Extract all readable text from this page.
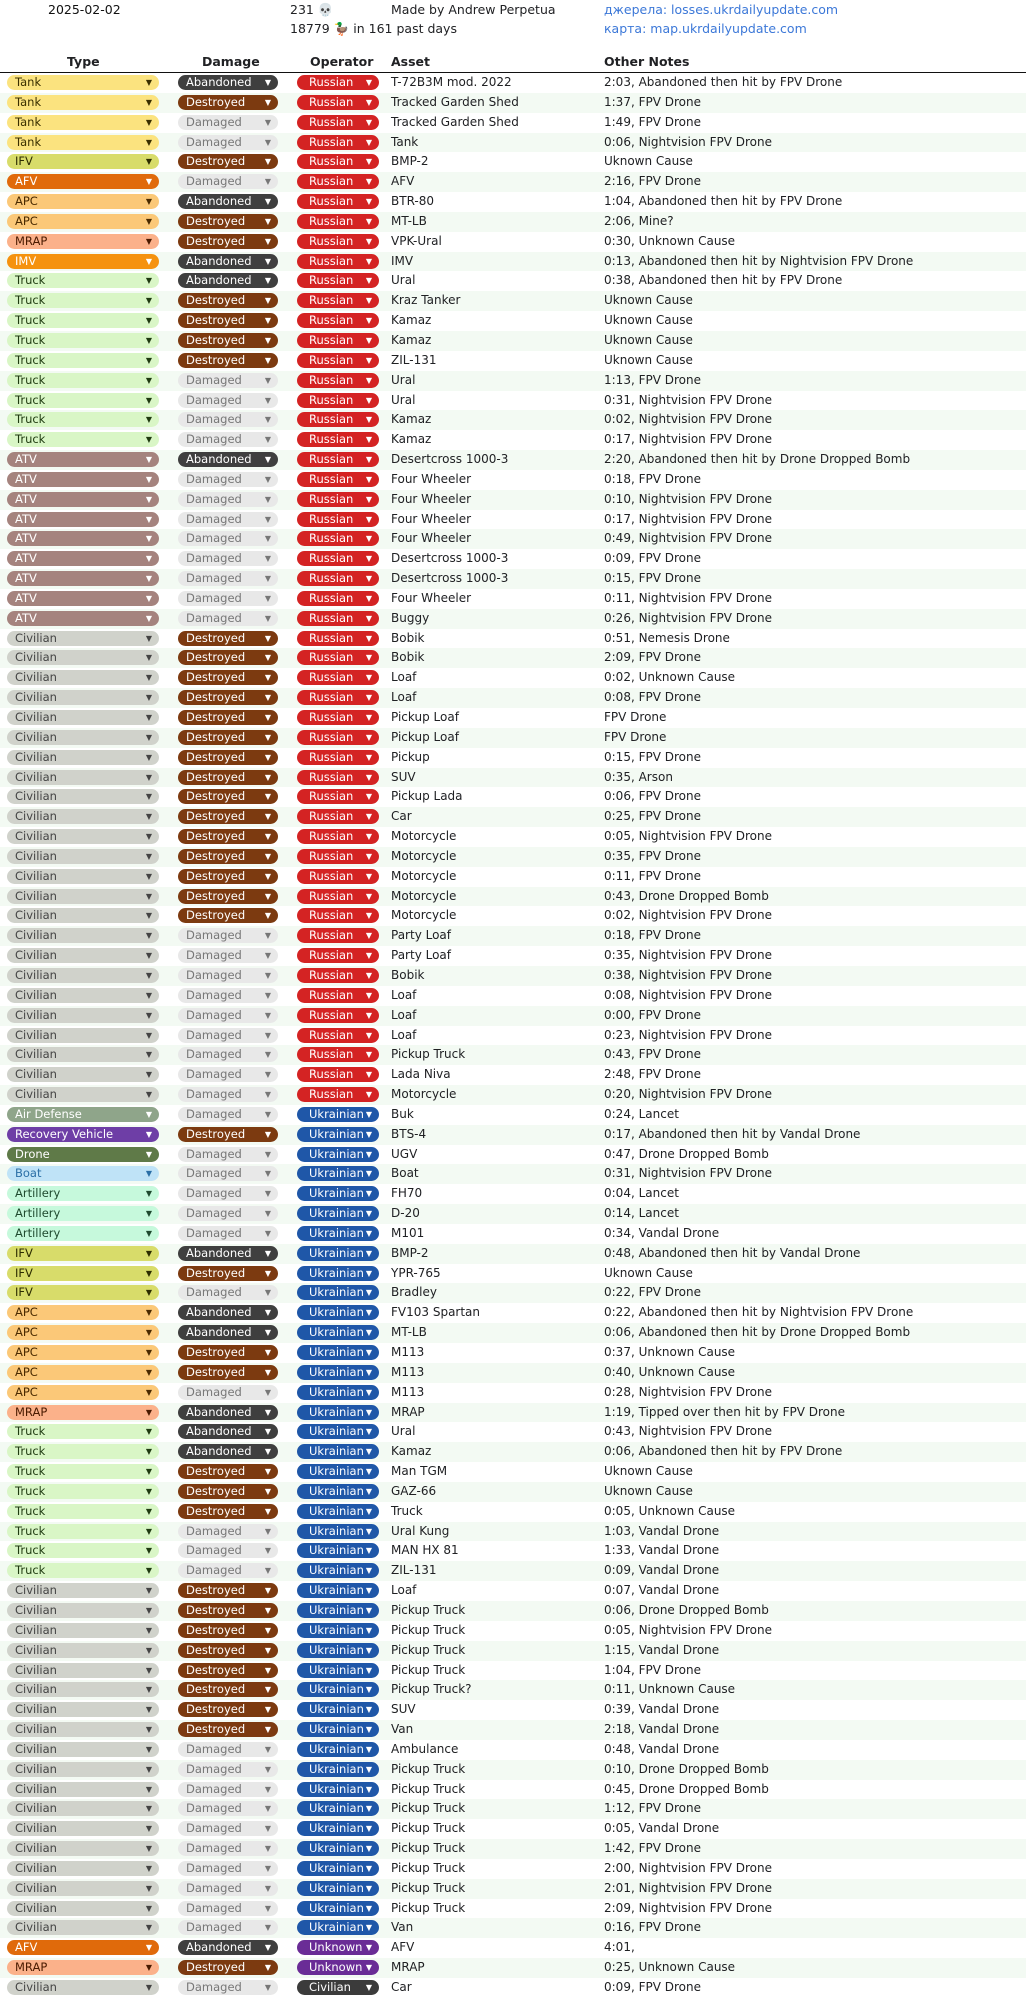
2025-02-02	231 💀
18779 🦆 in 161 past days
Made by Andrew Perpetua	джерела: losses.ukrdailyupdate.com
карта: map.ukrdailyupdate.com
Type	Damage	Operator Asset	Other Notes
Tank	▼	Abandoned ▼	Russian ▼ T-72B3M mod. 2022	2:03, Abandoned then hit by FPV Drone
Tank	▼	Destroyed ▼	Russian ▼ Tracked Garden Shed	1:37, FPV Drone
Tank	▼	Damaged	▼	Russian ▼ Tracked Garden Shed	1:49, FPV Drone
Tank	▼	Damaged	▼	Russian ▼ Tank	0:06, Nightvision FPV Drone
IFV	▼	Destroyed ▼	Russian ▼ BMP-2	Uknown Cause
AFV	▼	Damaged	▼	Russian ▼ AFV	2:16, FPV Drone
APC	▼	Abandoned ▼	Russian ▼ BTR-80	1:04, Abandoned then hit by FPV Drone
APC	▼	Destroyed ▼	Russian ▼ MT-LB	2:06, Mine?
MRAP	▼	Destroyed ▼	Russian ▼ VPK-Ural	0:30, Unknown Cause
IMV	▼	Abandoned ▼	Russian ▼ IMV	0:13, Abandoned then hit by Nightvision FPV Drone
Truck	▼	Abandoned ▼	Russian ▼ Ural	0:38, Abandoned then hit by FPV Drone
Truck	▼	Destroyed ▼	Russian ▼ Kraz Tanker	Uknown Cause
Truck	▼	Destroyed ▼	Russian ▼ Kamaz	Uknown Cause
Truck	▼	Destroyed ▼	Russian ▼ Kamaz	Uknown Cause
Truck	▼	Destroyed ▼	Russian ▼ ZIL-131	Uknown Cause
Truck	▼	Damaged	▼	Russian ▼ Ural	1:13, FPV Drone
Truck	▼	Damaged	▼	Russian ▼ Ural	0:31, Nightvision FPV Drone
Truck	▼	Damaged	▼	Russian ▼ Kamaz	0:02, Nightvision FPV Drone
Truck	▼	Damaged	▼	Russian ▼ Kamaz	0:17, Nightvision FPV Drone
ATV	▼	Abandoned ▼	Russian ▼ Desertcross 1000-3	2:20, Abandoned then hit by Drone Dropped Bomb
ATV	▼	Damaged	▼	Russian ▼ Four Wheeler	0:18, FPV Drone
ATV	▼	Damaged	▼	Russian ▼ Four Wheeler	0:10, Nightvision FPV Drone
ATV	▼	Damaged	▼	Russian ▼ Four Wheeler	0:17, Nightvision FPV Drone
ATV	▼	Damaged	▼	Russian ▼ Four Wheeler	0:49, Nightvision FPV Drone
ATV	▼	Damaged	▼	Russian ▼ Desertcross 1000-3	0:09, FPV Drone
ATV	▼	Damaged	▼	Russian ▼ Desertcross 1000-3	0:15, FPV Drone
ATV	▼	Damaged	▼	Russian ▼ Four Wheeler	0:11, Nightvision FPV Drone
ATV	▼	Damaged	▼	Russian ▼ Buggy	0:26, Nightvision FPV Drone
Civilian	▼	Destroyed ▼	Russian ▼ Bobik	0:51, Nemesis Drone
Civilian	▼	Destroyed ▼	Russian ▼ Bobik	2:09, FPV Drone
Civilian	▼	Destroyed ▼	Russian ▼ Loaf	0:02, Unknown Cause
Civilian	▼	Destroyed ▼	Russian ▼ Loaf	0:08, FPV Drone
Civilian	▼	Destroyed ▼	Russian ▼ Pickup Loaf	FPV Drone
Civilian	▼	Destroyed ▼	Russian ▼ Pickup Loaf	FPV Drone
Civilian	▼	Destroyed ▼	Russian ▼ Pickup	0:15, FPV Drone
Civilian	▼	Destroyed ▼	Russian ▼ SUV	0:35, Arson
Civilian	▼	Destroyed ▼	Russian ▼ Pickup Lada	0:06, FPV Drone
Civilian	▼	Destroyed ▼	Russian ▼ Car	0:25, FPV Drone
Civilian	▼	Destroyed ▼	Russian ▼ Motorcycle	0:05, Nightvision FPV Drone
Civilian	▼	Destroyed ▼	Russian ▼ Motorcycle	0:35, FPV Drone
Civilian	▼	Destroyed ▼	Russian ▼ Motorcycle	0:11, FPV Drone
Civilian	▼	Destroyed ▼	Russian ▼ Motorcycle	0:43, Drone Dropped Bomb
Civilian	▼	Destroyed ▼	Russian ▼ Motorcycle	0:02, Nightvision FPV Drone
Civilian	▼	Damaged	▼	Russian ▼ Party Loaf	0:18, FPV Drone
Civilian	▼	Damaged	▼	Russian ▼ Party Loaf	0:35, Nightvision FPV Drone
Civilian	▼	Damaged	▼	Russian ▼ Bobik	0:38, Nightvision FPV Drone
Civilian	▼	Damaged	▼	Russian ▼ Loaf	0:08, Nightvision FPV Drone
Civilian	▼	Damaged	▼	Russian ▼ Loaf	0:00, FPV Drone
Civilian	▼	Damaged	▼	Russian ▼ Loaf	0:23, Nightvision FPV Drone
Civilian	▼	Damaged	▼	Russian ▼ Pickup Truck	0:43, FPV Drone
Civilian	▼	Damaged	▼	Russian ▼ Lada Niva	2:48, FPV Drone
Civilian	▼	Damaged	▼	Russian ▼ Motorcycle	0:20, Nightvision FPV Drone
Air Defense	▼	Damaged	▼	Ukrainian ▼ Buk	0:24, Lancet
Recovery Vehicle	▼	Destroyed ▼	Ukrainian ▼ BTS-4	0:17, Abandoned then hit by Vandal Drone
Drone	▼	Damaged	▼	Ukrainian ▼ UGV	0:47, Drone Dropped Bomb
Boat	▼	Damaged	▼	Ukrainian ▼ Boat	0:31, Nightvision FPV Drone
Artillery	▼	Damaged	▼	Ukrainian ▼ FH70	0:04, Lancet
Artillery	▼	Damaged	▼	Ukrainian ▼ D-20	0:14, Lancet
Artillery	▼	Damaged	▼	Ukrainian ▼ M101	0:34, Vandal Drone
IFV	▼	Abandoned ▼	Ukrainian ▼ BMP-2	0:48, Abandoned then hit by Vandal Drone
IFV	▼	Destroyed ▼	Ukrainian ▼ YPR-765	Uknown Cause
IFV	▼	Damaged	▼	Ukrainian ▼ Bradley	0:22, FPV Drone
APC	▼	Abandoned ▼	Ukrainian ▼ FV103 Spartan	0:22, Abandoned then hit by Nightvision FPV Drone
APC	▼	Abandoned ▼	Ukrainian ▼ MT-LB	0:06, Abandoned then hit by Drone Dropped Bomb
APC	▼	Destroyed ▼	Ukrainian ▼ M113	0:37, Unknown Cause
APC	▼	Destroyed ▼	Ukrainian ▼ M113	0:40, Unknown Cause
APC	▼	Damaged	▼	Ukrainian ▼ M113	0:28, Nightvision FPV Drone
MRAP	▼	Abandoned ▼	Ukrainian ▼ MRAP	1:19, Tipped over then hit by FPV Drone
Truck	▼	Abandoned ▼	Ukrainian ▼ Ural	0:43, Nightvision FPV Drone
Truck	▼	Abandoned ▼	Ukrainian ▼ Kamaz	0:06, Abandoned then hit by FPV Drone
Truck	▼	Destroyed ▼	Ukrainian ▼ Man TGM	Uknown Cause
Truck	▼	Destroyed ▼	Ukrainian ▼ GAZ-66	Uknown Cause
Truck	▼	Destroyed ▼	Ukrainian ▼ Truck	0:05, Unknown Cause
Truck	▼	Damaged	▼	Ukrainian ▼ Ural Kung	1:03, Vandal Drone
Truck	▼	Damaged	▼	Ukrainian ▼ MAN HX 81	1:33, Vandal Drone
Truck	▼	Damaged	▼	Ukrainian ▼ ZIL-131	0:09, Vandal Drone
Civilian	▼	Destroyed ▼	Ukrainian ▼ Loaf	0:07, Vandal Drone
Civilian	▼	Destroyed ▼	Ukrainian ▼ Pickup Truck	0:06, Drone Dropped Bomb
Civilian	▼	Destroyed ▼	Ukrainian ▼ Pickup Truck	0:05, Nightvision FPV Drone
Civilian	▼	Destroyed ▼	Ukrainian ▼ Pickup Truck	1:15, Vandal Drone
Civilian	▼	Destroyed ▼	Ukrainian ▼ Pickup Truck	1:04, FPV Drone
Civilian	▼	Destroyed ▼	Ukrainian ▼ Pickup Truck?	0:11, Unknown Cause
Civilian	▼	Destroyed ▼	Ukrainian ▼ SUV	0:39, Vandal Drone
Civilian	▼	Destroyed ▼	Ukrainian ▼ Van	2:18, Vandal Drone
Civilian	▼	Damaged	▼	Ukrainian ▼ Ambulance	0:48, Vandal Drone
Civilian	▼	Damaged	▼	Ukrainian ▼ Pickup Truck	0:10, Drone Dropped Bomb
Civilian	▼	Damaged	▼	Ukrainian ▼ Pickup Truck	0:45, Drone Dropped Bomb
Civilian	▼	Damaged	▼	Ukrainian ▼ Pickup Truck	1:12, FPV Drone
Civilian	▼	Damaged	▼	Ukrainian ▼ Pickup Truck	0:05, Vandal Drone
Civilian	▼	Damaged	▼	Ukrainian ▼ Pickup Truck	1:42, FPV Drone
Civilian	▼	Damaged	▼	Ukrainian ▼ Pickup Truck	2:00, Nightvision FPV Drone
Civilian	▼	Damaged	▼	Ukrainian ▼ Pickup Truck	2:01, Nightvision FPV Drone
Civilian	▼	Damaged	▼	Ukrainian ▼ Pickup Truck	2:09, Nightvision FPV Drone
Civilian	▼	Damaged	▼	Ukrainian ▼ Van	0:16, FPV Drone
AFV	▼	Abandoned ▼	Unknown ▼ AFV	4:01,
MRAP	▼	Destroyed ▼	Unknown ▼ MRAP	0:25, Unknown Cause
Civilian	▼	Damaged	▼	Civilian ▼ Car	0:09, FPV Drone
